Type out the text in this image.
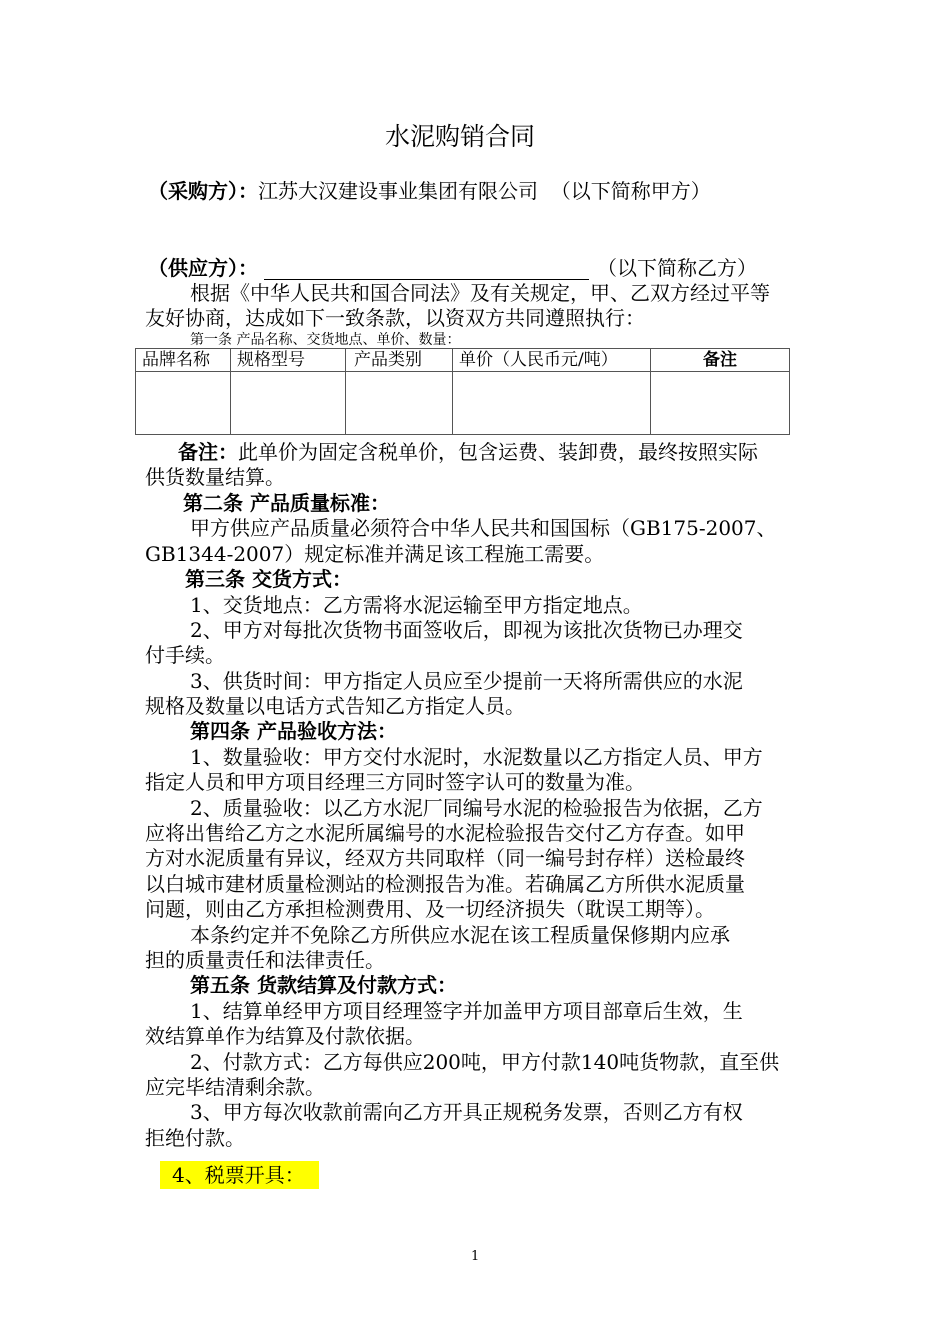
水泥购销合同
（采购方）：江苏大汉建设事业集团有限公司 （以下简称甲方）
（供应方）：	（以下简称乙方）
根据《中华人民共和国合同法》及有关规定，甲、乙双方经过平等
友好协商，达成如下一致条款，以资双方共同遵照执行：
第一条 产品名称、交货地点、单价、数量：
品牌名称	规格型号	产品类别	单价（人民币元/吨）	备注

备注：此单价为固定含税单价，包含运费、装卸费，最终按照实际
供货数量结算。
第二条 产品质量标准：
甲方供应产品质量必须符合中华人民共和国国标（GB175-2007、
GB1344-2007）规定标准并满足该工程施工需要。
第三条 交货方式：
1、交货地点：乙方需将水泥运输至甲方指定地点。
2、甲方对每批次货物书面签收后，即视为该批次货物已办理交
付手续。
3、供货时间：甲方指定人员应至少提前一天将所需供应的水泥
规格及数量以电话方式告知乙方指定人员。
第四条 产品验收方法：
1、数量验收：甲方交付水泥时，水泥数量以乙方指定人员、甲方
指定人员和甲方项目经理三方同时签字认可的数量为准。
2、质量验收：以乙方水泥厂同编号水泥的检验报告为依据，乙方
应将出售给乙方之水泥所属编号的水泥检验报告交付乙方存查。如甲
方对水泥质量有异议，经双方共同取样（同一编号封存样）送检最终
以白城市建材质量检测站的检测报告为准。若确属乙方所供水泥质量
问题，则由乙方承担检测费用、及一切经济损失（耽误工期等）。
本条约定并不免除乙方所供应水泥在该工程质量保修期内应承
担的质量责任和法律责任。
第五条 货款结算及付款方式：
1、结算单经甲方项目经理签字并加盖甲方项目部章后生效，生
效结算单作为结算及付款依据。
2、付款方式：乙方每供应200吨，甲方付款140吨货物款，直至供
应完毕结清剩余款。
3、甲方每次收款前需向乙方开具正规税务发票，否则乙方有权
拒绝付款。
4、税票开具：
1
